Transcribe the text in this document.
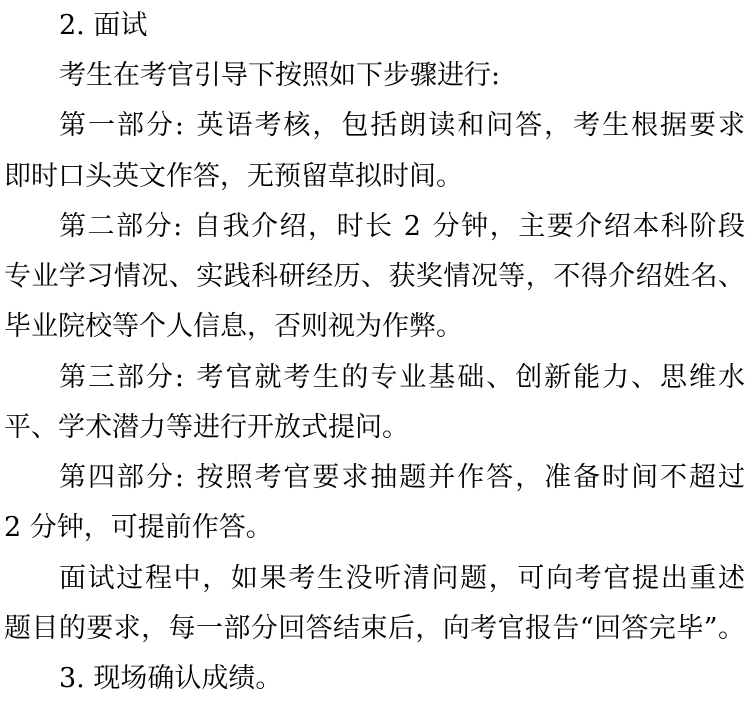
2. 面试
考生在考官引导下按照如下步骤进行:
第一部分: 英语考核，包括朗读和问答，考生根据要求
即时口头英文作答，无预留草拟时间。
第二部分: 自我介绍，时长 2 分钟，主要介绍本科阶段
专业学习情况、实践科研经历、获奖情况等，不得介绍姓名、
毕业院校等个人信息，否则视为作弊。
第三部分: 考官就考生的专业基础、创新能力、思维水
平、学术潜力等进行开放式提问。
第四部分: 按照考官要求抽题并作答，准备时间不超过
2 分钟，可提前作答。
面试过程中，如果考生没听清问题，可向考官提出重述
题目的要求，每一部分回答结束后，向考官报告“回答完毕”。
3. 现场确认成绩。
